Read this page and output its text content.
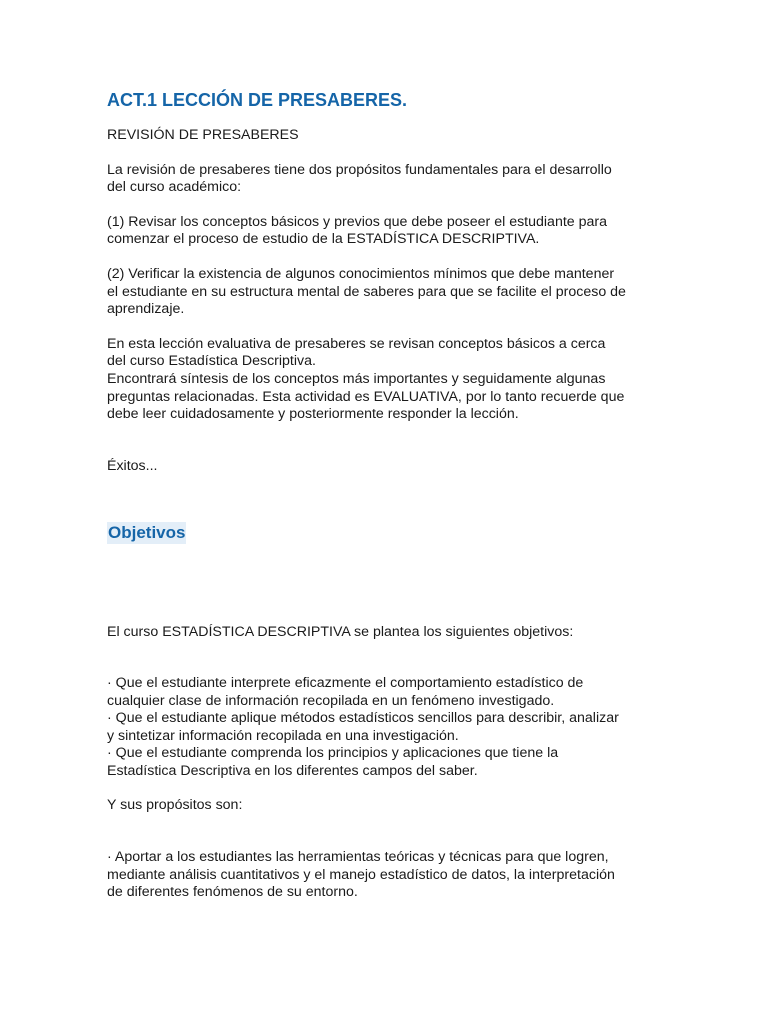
ACT.1 LECCIÓN DE PRESABERES.

REVISIÓN DE PRESABERES

La revisión de presaberes tiene dos propósitos fundamentales para el desarrollo
del curso académico:

(1) Revisar los conceptos básicos y previos que debe poseer el estudiante para
comenzar el proceso de estudio de la ESTADÍSTICA DESCRIPTIVA.

(2) Verificar la existencia de algunos conocimientos mínimos que debe mantener
el estudiante en su estructura mental de saberes para que se facilite el proceso de
aprendizaje.

En esta lección evaluativa de presaberes se revisan conceptos básicos a cerca
del curso Estadística Descriptiva.
Encontrará síntesis de los conceptos más importantes y seguidamente algunas
preguntas relacionadas. Esta actividad es EVALUATIVA, por lo tanto recuerde que
debe leer cuidadosamente y posteriormente responder la lección.

Éxitos...

Objetivos

El curso ESTADÍSTICA DESCRIPTIVA se plantea los siguientes objetivos:

· Que el estudiante interprete eficazmente el comportamiento estadístico de
cualquier clase de información recopilada en un fenómeno investigado.
· Que el estudiante aplique métodos estadísticos sencillos para describir, analizar
y sintetizar información recopilada en una investigación.
· Que el estudiante comprenda los principios y aplicaciones que tiene la
Estadística Descriptiva en los diferentes campos del saber.

Y sus propósitos son:

· Aportar a los estudiantes las herramientas teóricas y técnicas para que logren,
mediante análisis cuantitativos y el manejo estadístico de datos, la interpretación
de diferentes fenómenos de su entorno.
